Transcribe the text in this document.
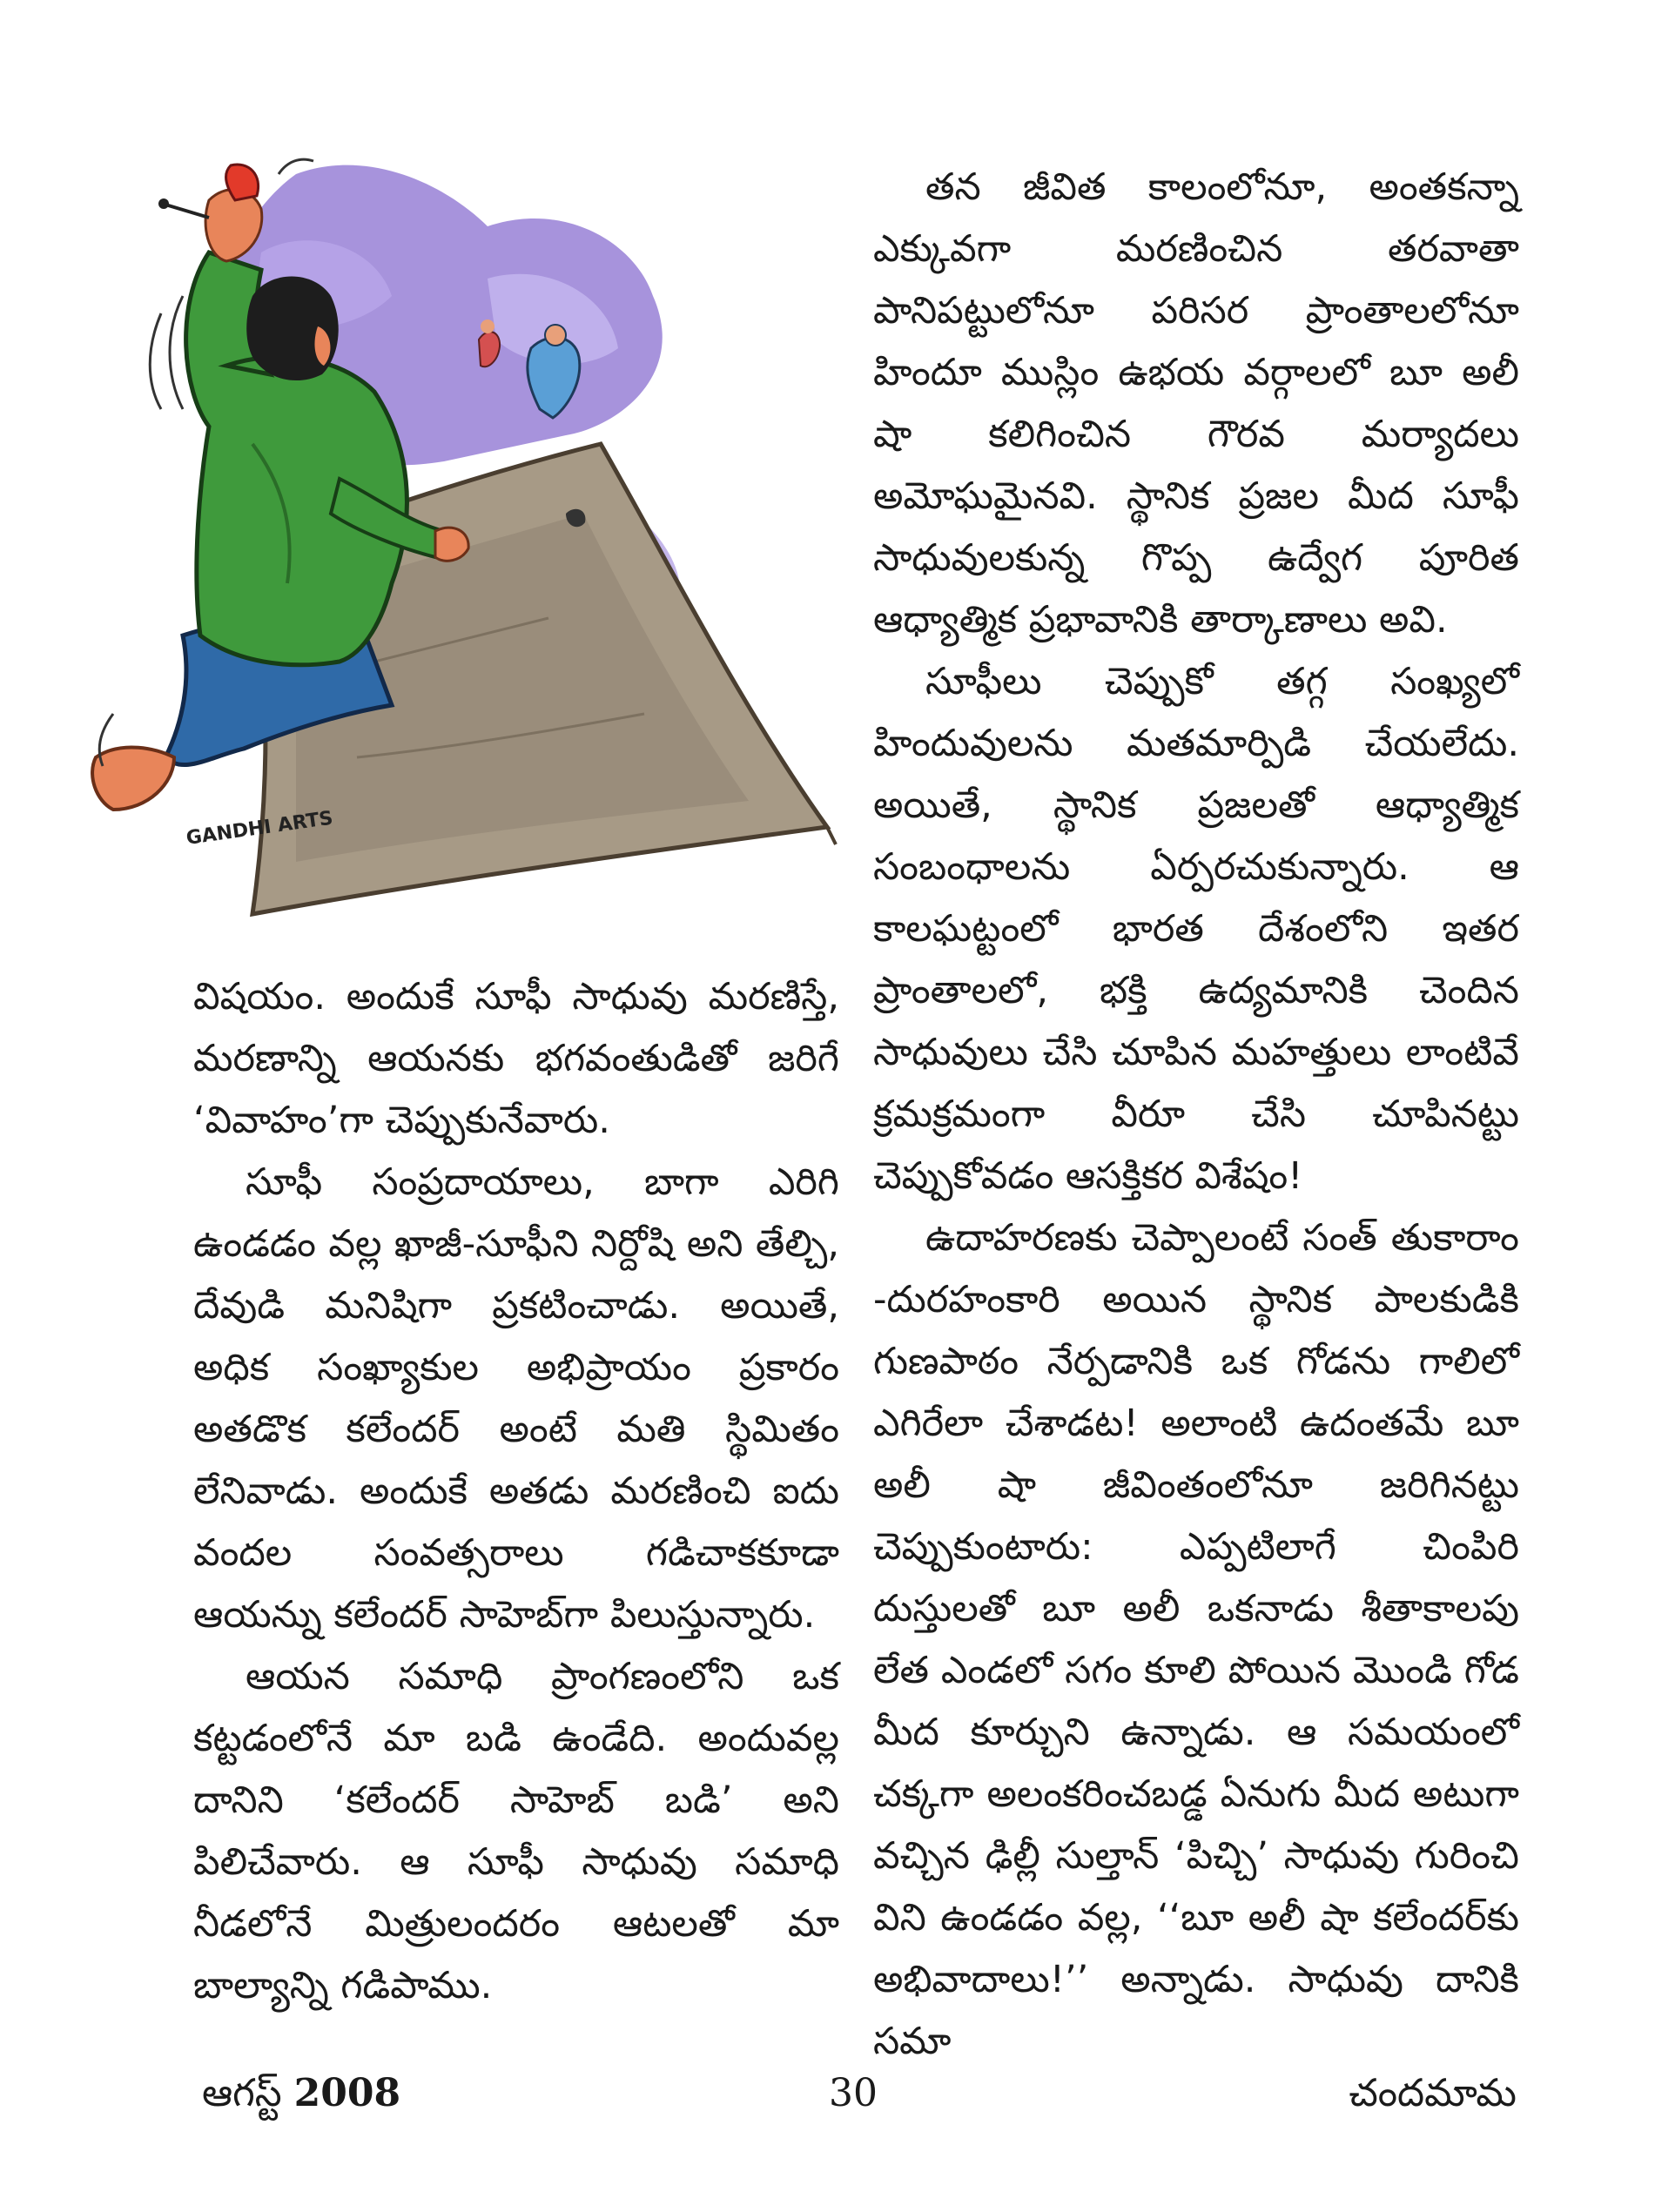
GANDHI ARTS

విషయం. అందుకే సూఫీ సాధువు మరణిస్తే, మరణాన్ని ఆయనకు భగవంతుడితో జరిగే ‘వివాహం’గా చెప్పుకునేవారు.

సూఫీ సంప్రదాయాలు, బాగా ఎరిగి ఉండడం వల్ల ఖాజీ-సూఫీని నిర్దోషి అని తేల్చి, దేవుడి మనిషిగా ప్రకటించాడు. అయితే, అధిక సంఖ్యాకుల అభిప్రాయం ప్రకారం అతడొక కలేందర్ అంటే మతి స్థిమితం లేనివాడు. అందుకే అతడు మరణించి ఐదు వందల సంవత్సరాలు గడిచాకకూడా ఆయన్ను కలేందర్ సాహెబ్‌గా పిలుస్తున్నారు.

ఆయన సమాధి ప్రాంగణంలోని ఒక కట్టడంలోనే మా బడి ఉండేది. అందువల్ల దానిని ‘కలేందర్ సాహెబ్ బడి’ అని పిలిచేవారు. ఆ సూఫీ సాధువు సమాధి నీడలోనే మిత్రులందరం ఆటలతో మా బాల్యాన్ని గడిపాము.

తన జీవిత కాలంలోనూ, అంతకన్నా ఎక్కువగా మరణించిన తరవాతా పానిపట్టులోనూ పరిసర ప్రాంతాలలోనూ హిందూ ముస్లిం ఉభయ వర్గాలలో బూ అలీ షా కలిగించిన గౌరవ మర్యాదలు అమోఘమైనవి. స్థానిక ప్రజల మీద సూఫీ సాధువులకున్న గొప్ప ఉద్వేగ పూరిత ఆధ్యాత్మిక ప్రభావానికి తార్కాణాలు అవి.

సూఫీలు చెప్పుకో తగ్గ సంఖ్యలో హిందువులను మతమార్పిడి చేయలేదు. అయితే, స్థానిక ప్రజలతో ఆధ్యాత్మిక సంబంధాలను ఏర్పరచుకున్నారు. ఆ కాలఘట్టంలో భారత దేశంలోని ఇతర ప్రాంతాలలో, భక్తి ఉద్యమానికి చెందిన సాధువులు చేసి చూపిన మహత్తులు లాంటివే క్రమక్రమంగా వీరూ చేసి చూపినట్టు చెప్పుకోవడం ఆసక్తికర విశేషం!

ఉదాహరణకు చెప్పాలంటే సంత్ తుకారాం -దురహంకారి అయిన స్థానిక పాలకుడికి గుణపాఠం నేర్పడానికి ఒక గోడను గాలిలో ఎగిరేలా చేశాడట! అలాంటి ఉదంతమే బూ అలీ షా జీవింతంలోనూ జరిగినట్టు చెప్పుకుంటారు: ఎప్పటిలాగే చింపిరి దుస్తులతో బూ అలీ ఒకనాడు శీతాకాలపు లేత ఎండలో సగం కూలి పోయిన మొండి గోడ మీద కూర్చుని ఉన్నాడు. ఆ సమయంలో చక్కగా అలంకరించబడ్డ ఏనుగు మీద అటుగా వచ్చిన ఢిల్లీ సుల్తాన్ ‘పిచ్చి’ సాధువు గురించి విని ఉండడం వల్ల, ‘‘బూ అలీ షా కలేందర్‌కు అభివాదాలు!’’ అన్నాడు. సాధువు దానికి సమా

ఆగస్ట్ 2008	30	చందమామ
